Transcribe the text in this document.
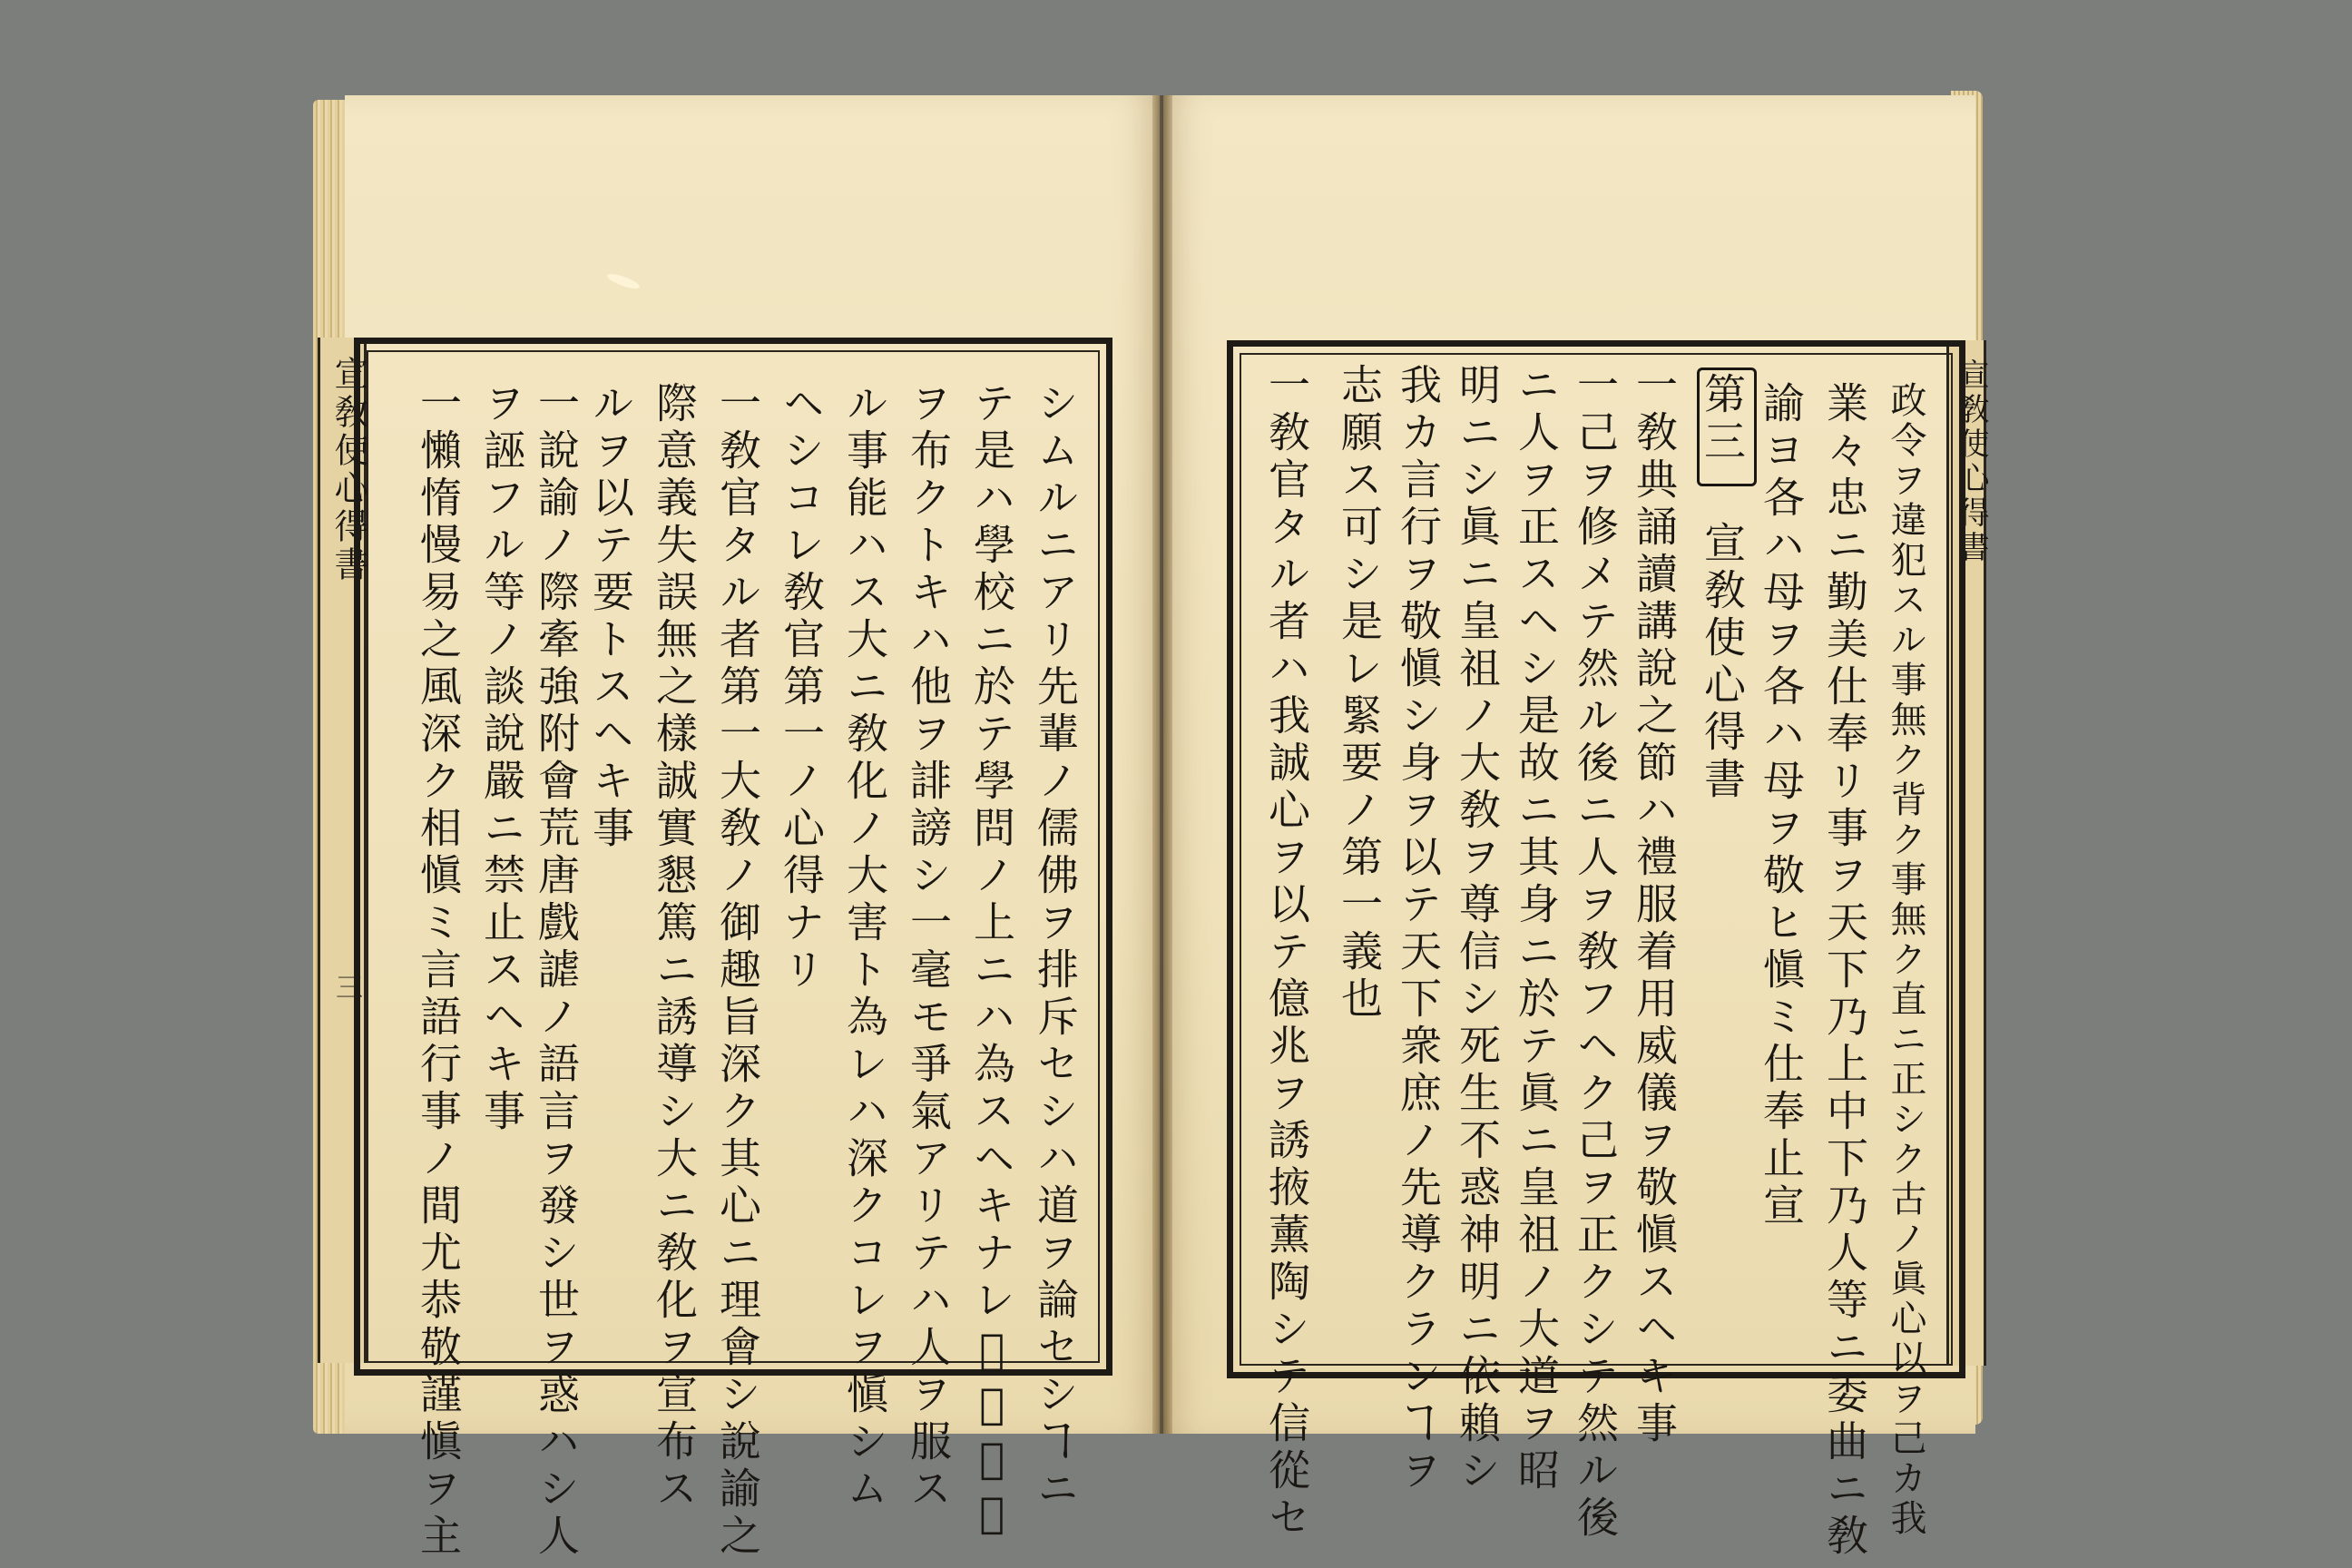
宣敎使心得書
三
宣敎使心得書
シムルニアリ先輩ノ儒佛ヲ排斥セシハ道ヲ論セシヿニ
テ是ハ學校ニ於テ學問ノ上ニハ為スヘキナレ𪜈今日敎
ヲ布クトキハ他ヲ誹謗シ一毫モ爭氣アリテハ人ヲ服ス
ル事能ハス大ニ敎化ノ大害ト為レハ深クコレヲ愼シム
ヘシコレ敎官第一ノ心得ナリ
一敎官タル者第一大敎ノ御趣旨深ク其心ニ理會シ說諭之
際意義失誤無之樣誠實懇篤ニ誘導シ大ニ敎化ヲ宣布ス
ルヲ以テ要トスヘキ事
一說諭ノ際牽強附會荒唐戲謔ノ語言ヲ發シ世ヲ惑ハシ人
ヲ誣フル等ノ談說嚴ニ禁止スヘキ事
一懶惰慢易之風深ク相愼ミ言語行事ノ間尤恭敬謹愼ヲ主	政令ヲ違犯スル事無ク背ク事無ク直ニ正シク古ノ眞心以ヲ己カ我
業々忠ニ勤美仕奉リ事ヲ天下乃上中下乃人等ニ委曲ニ敎
諭ヨ各ハ母ヲ各ハ母ヲ敬ヒ愼ミ仕奉止宣
第三 宣敎使心得書
一敎典誦讀講說之節ハ禮服着用威儀ヲ敬愼スヘキ事
一己ヲ修メテ然ル後ニ人ヲ敎フヘク己ヲ正クシテ然ル後
ニ人ヲ正スヘシ是故ニ其身ニ於テ眞ニ皇祖ノ大道ヲ昭
明ニシ眞ニ皇祖ノ大敎ヲ尊信シ死生不惑神明ニ依賴シ
我カ言行ヲ敬愼シ身ヲ以テ天下衆庶ノ先導クランヿヲ
志願ス可シ是レ緊要ノ第一義也
一敎官タル者ハ我誠心ヲ以テ億兆ヲ誘掖薰陶シテ信從セ
